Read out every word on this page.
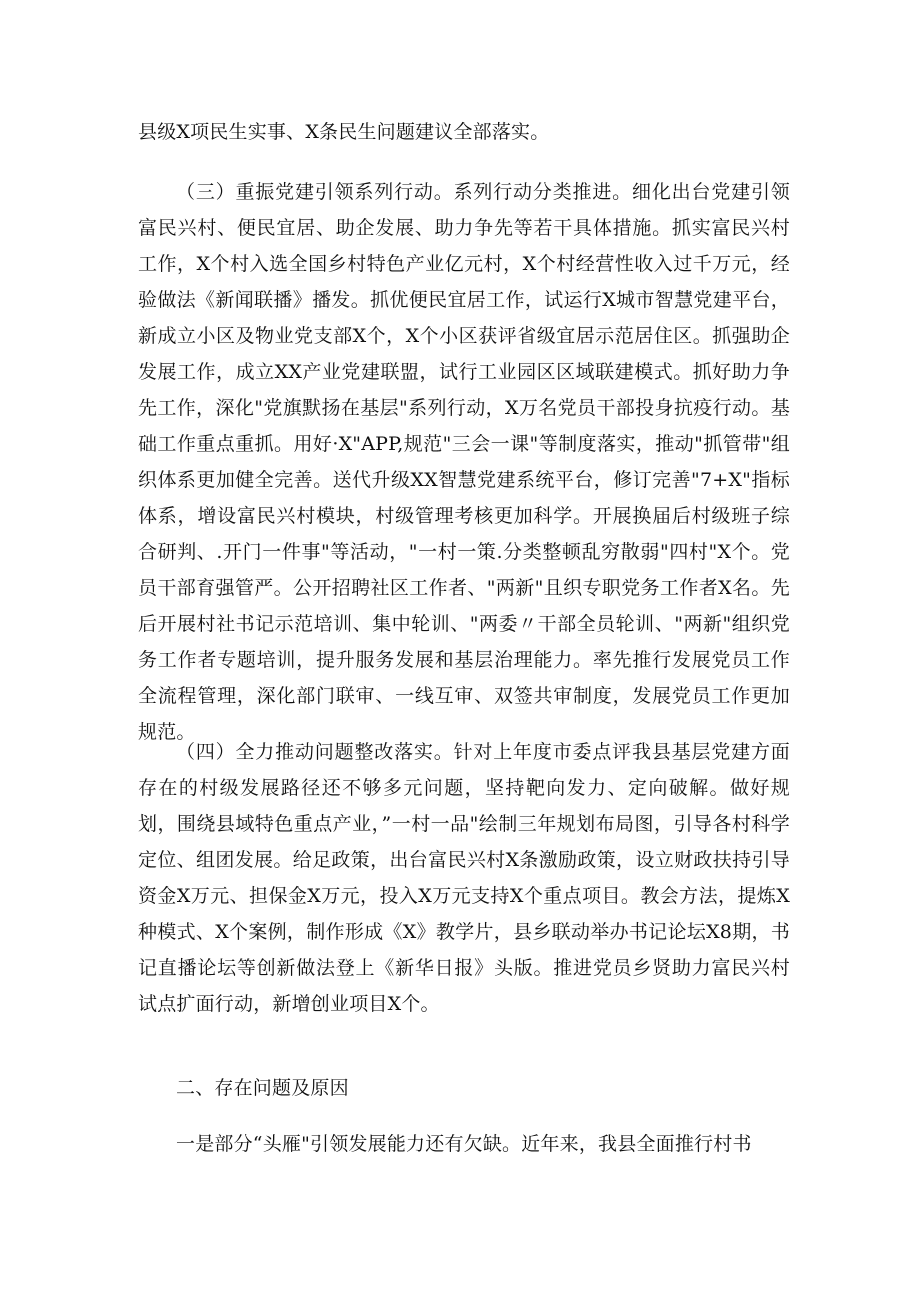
县级X项民生实事、X条民生问题建议全部落实。

（三）重振党建引领系列行动。系列行动分类推进。细化出台党建引领富民兴村、便民宜居、助企发展、助力争先等若干具体措施。抓实富民兴村工作，X个村入选全国乡村特色产业亿元村，X个村经营性收入过千万元，经验做法《新闻联播》播发。抓优便民宜居工作，试运行X城市智慧党建平台，新成立小区及物业党支部X个，X个小区获评省级宜居示范居住区。抓强助企发展工作，成立XX产业党建联盟，试行工业园区区域联建模式。抓好助力争先工作，深化"党旗默扬在基层"系列行动，X万名党员干部投身抗疫行动。基础工作重点重抓。用好·X"APP,规范"三会一课"等制度落实，推动"抓管带"组织体系更加健全完善。送代升级XX智慧党建系统平台，修订完善"7+X"指标体系，增设富民兴村模块，村级管理考核更加科学。开展换届后村级班子综合研判、.开门一件事"等活动，"一村一策.分类整顿乱穷散弱"四村"X个。党员干部育强管严。公开招聘社区工作者、"两新"且织专职党务工作者X名。先后开展村社书记示范培训、集中轮训、"两委〃干部全员轮训、"两新"组织党务工作者专题培训，提升服务发展和基层治理能力。率先推行发展党员工作全流程管理，深化部门联审、一线互审、双签共审制度，发展党员工作更加规范。

（四）全力推动问题整改落实。针对上年度市委点评我县基层党建方面存在的村级发展路径还不够多元问题，坚持靶向发力、定向破解。做好规划，围绕县域特色重点产业，”一村一品"绘制三年规划布局图，引导各村科学定位、组团发展。给足政策，出台富民兴村X条激励政策，设立财政扶持引导资金X万元、担保金X万元，投入X万元支持X个重点项目。教会方法，提炼X种模式、X个案例，制作形成《X》教学片，县乡联动举办书记论坛X8期，书记直播论坛等创新做法登上《新华日报》头版。推进党员乡贤助力富民兴村试点扩面行动，新增创业项目X个。

二、存在问题及原因

一是部分“头雁"引领发展能力还有欠缺。近年来，我县全面推行村书
